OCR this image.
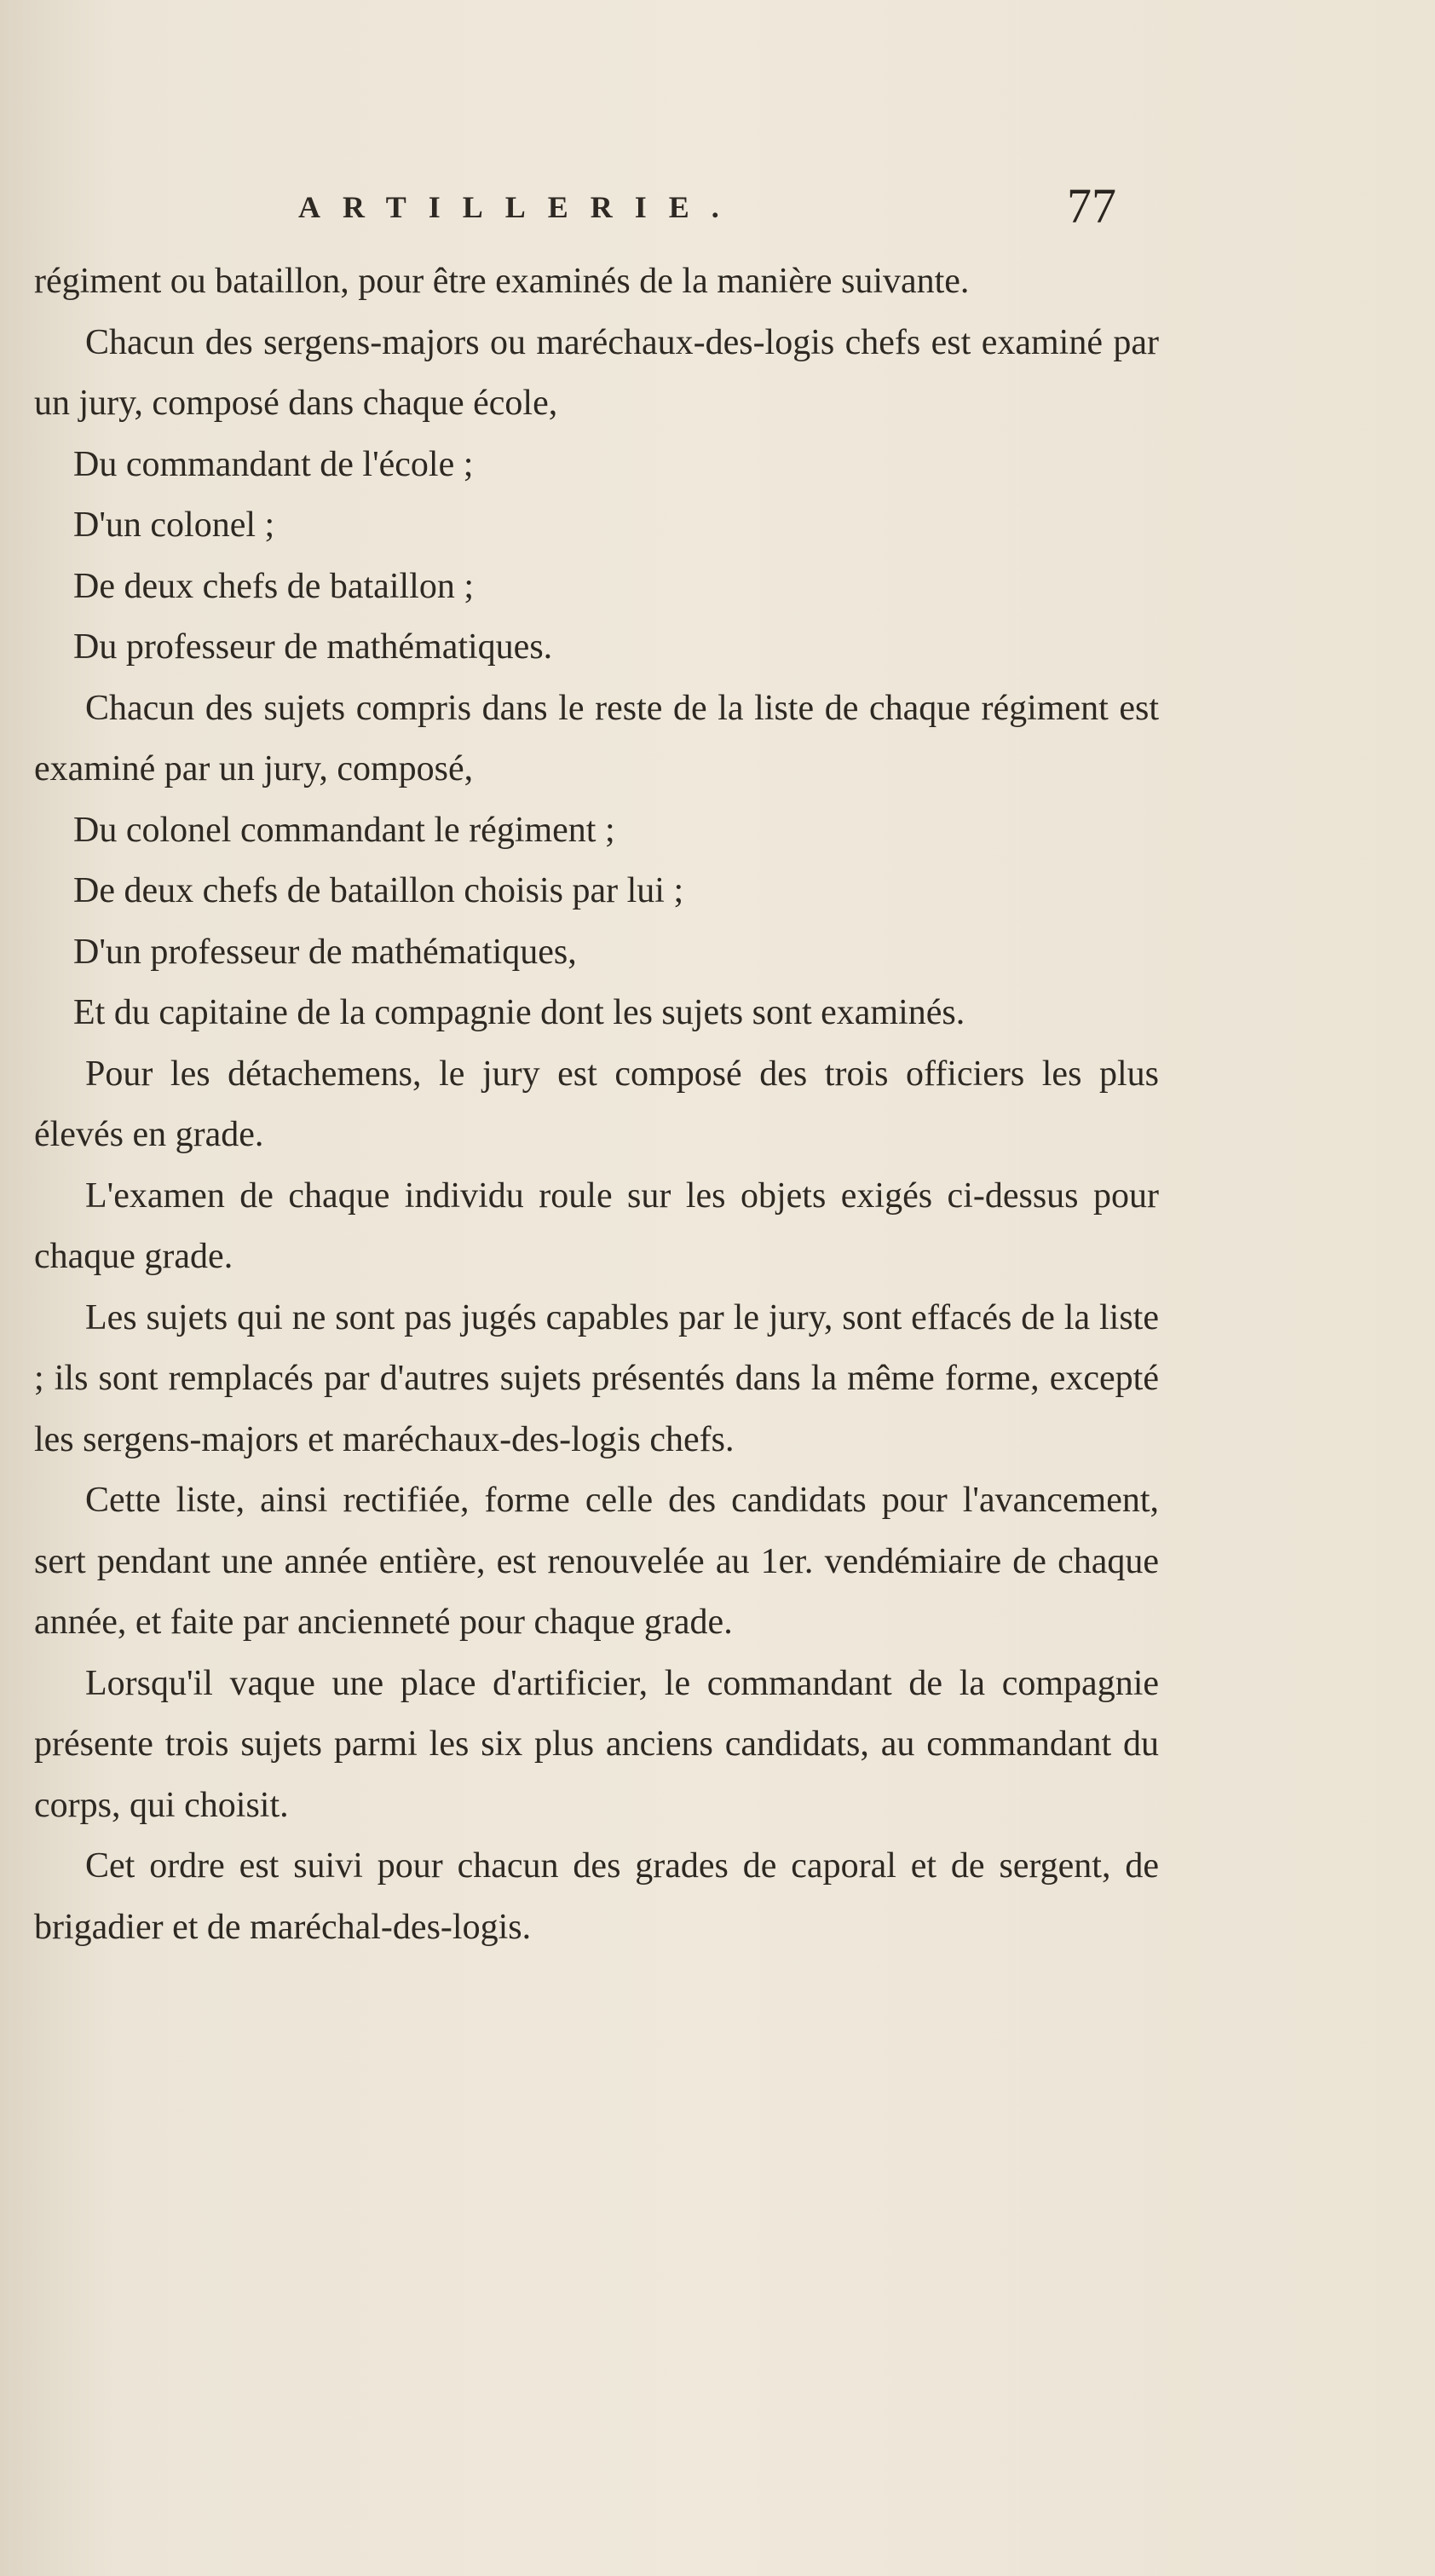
ARTILLERIE.	77

régiment ou bataillon, pour être examinés de la manière suivante.

Chacun des sergens-majors ou maréchaux-des-logis chefs est examiné par un jury, composé dans chaque école,

Du commandant de l'école ;

D'un colonel ;

De deux chefs de bataillon ;

Du professeur de mathématiques.

Chacun des sujets compris dans le reste de la liste de chaque régiment est examiné par un jury, composé,

Du colonel commandant le régiment ;

De deux chefs de bataillon choisis par lui ;

D'un professeur de mathématiques,

Et du capitaine de la compagnie dont les sujets sont examinés.

Pour les détachemens, le jury est composé des trois officiers les plus élevés en grade.

L'examen de chaque individu roule sur les objets exigés ci-dessus pour chaque grade.

Les sujets qui ne sont pas jugés capables par le jury, sont effacés de la liste ; ils sont remplacés par d'autres sujets présentés dans la même forme, excepté les sergens-majors et maréchaux-des-logis chefs.

Cette liste, ainsi rectifiée, forme celle des candidats pour l'avancement, sert pendant une année entière, est renouvelée au 1er. vendémiaire de chaque année, et faite par ancienneté pour chaque grade.

Lorsqu'il vaque une place d'artificier, le commandant de la compagnie présente trois sujets parmi les six plus anciens candidats, au commandant du corps, qui choisit.

Cet ordre est suivi pour chacun des grades de caporal et de sergent, de brigadier et de maréchal-des-logis.
